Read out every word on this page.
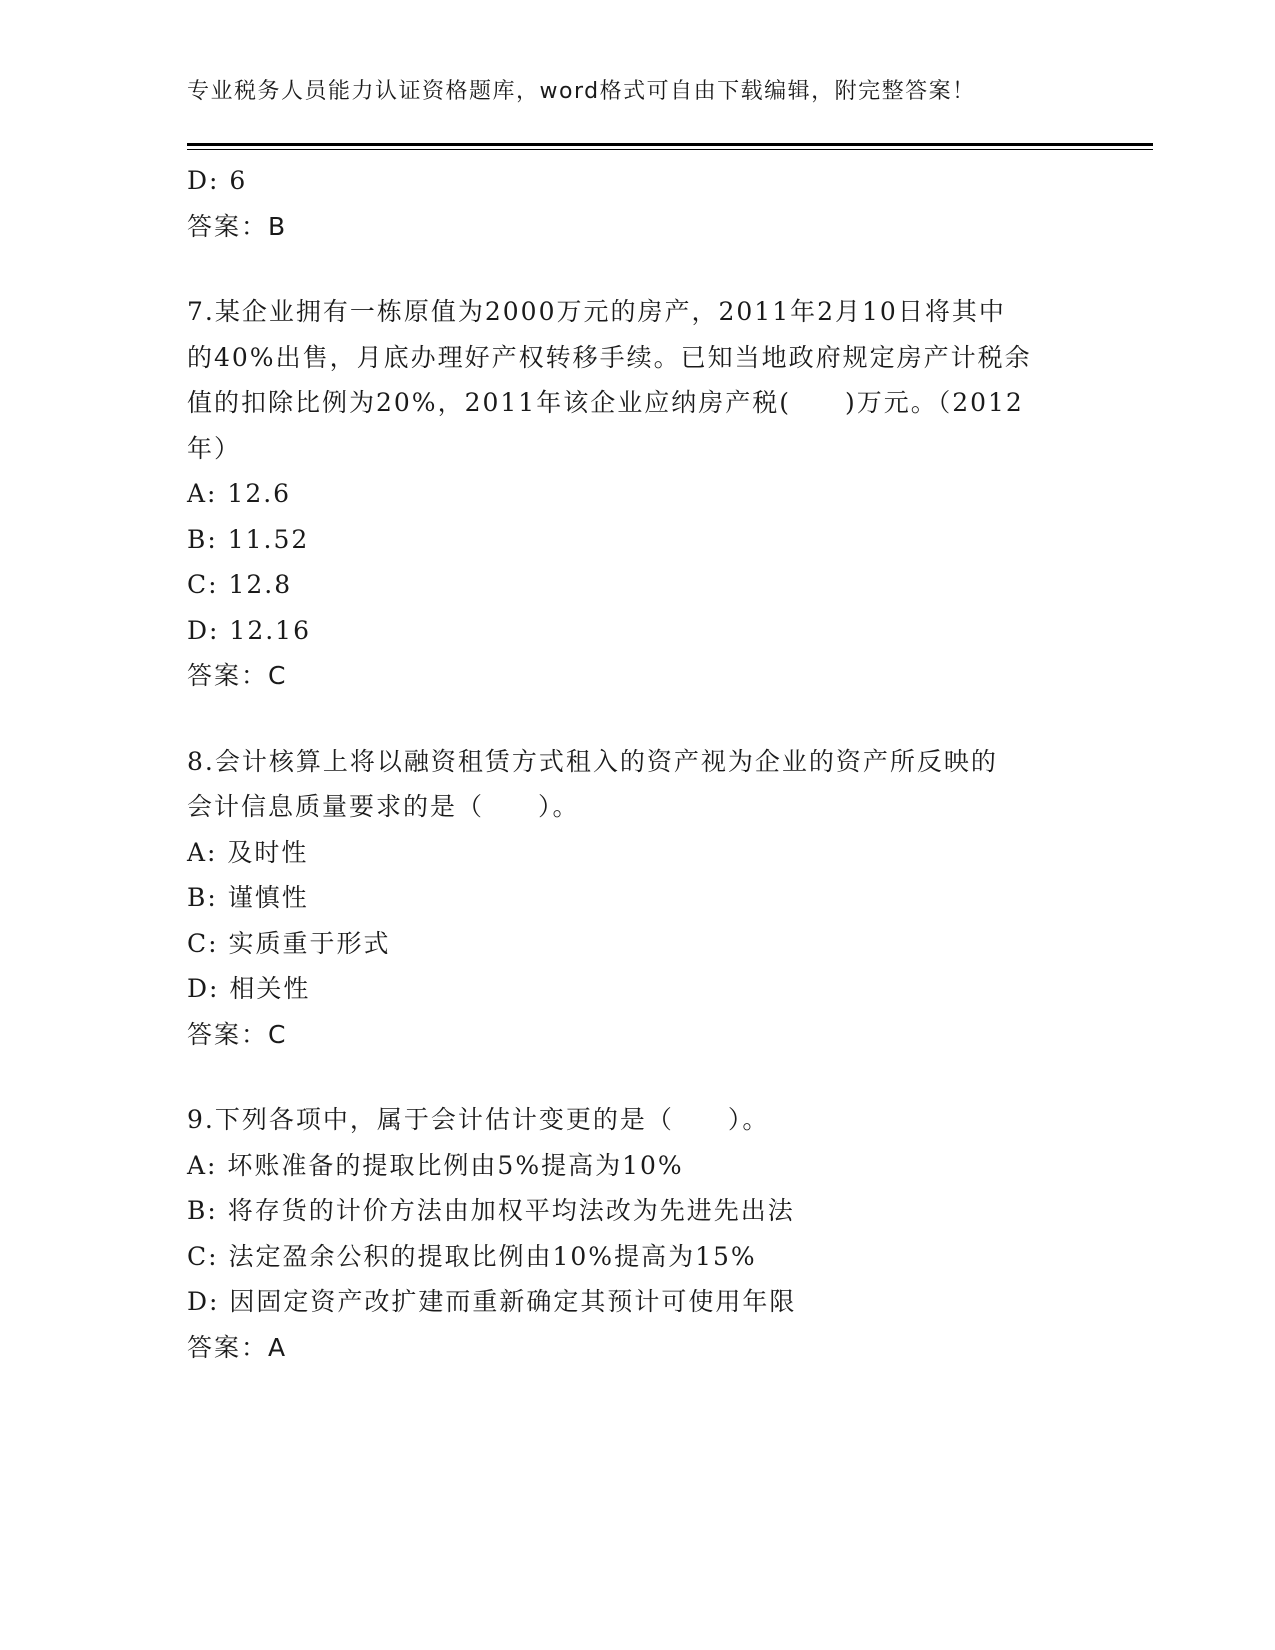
专业税务人员能力认证资格题库，word格式可自由下载编辑，附完整答案！
D: 6
答案：B
7.某企业拥有一栋原值为2000万元的房产，2011年2月10日将其中
的40%出售，月底办理好产权转移手续。已知当地政府规定房产计税余
值的扣除比例为20%，2011年该企业应纳房产税(　　)万元。（2012
年）
A: 12.6
B: 11.52
C: 12.8
D: 12.16
答案：C
8.会计核算上将以融资租赁方式租入的资产视为企业的资产所反映的
会计信息质量要求的是（　　）。
A: 及时性
B: 谨慎性
C: 实质重于形式
D: 相关性
答案：C
9.下列各项中，属于会计估计变更的是（　　）。
A: 坏账准备的提取比例由5%提高为10%
B: 将存货的计价方法由加权平均法改为先进先出法
C: 法定盈余公积的提取比例由10%提高为15%
D: 因固定资产改扩建而重新确定其预计可使用年限
答案：A
